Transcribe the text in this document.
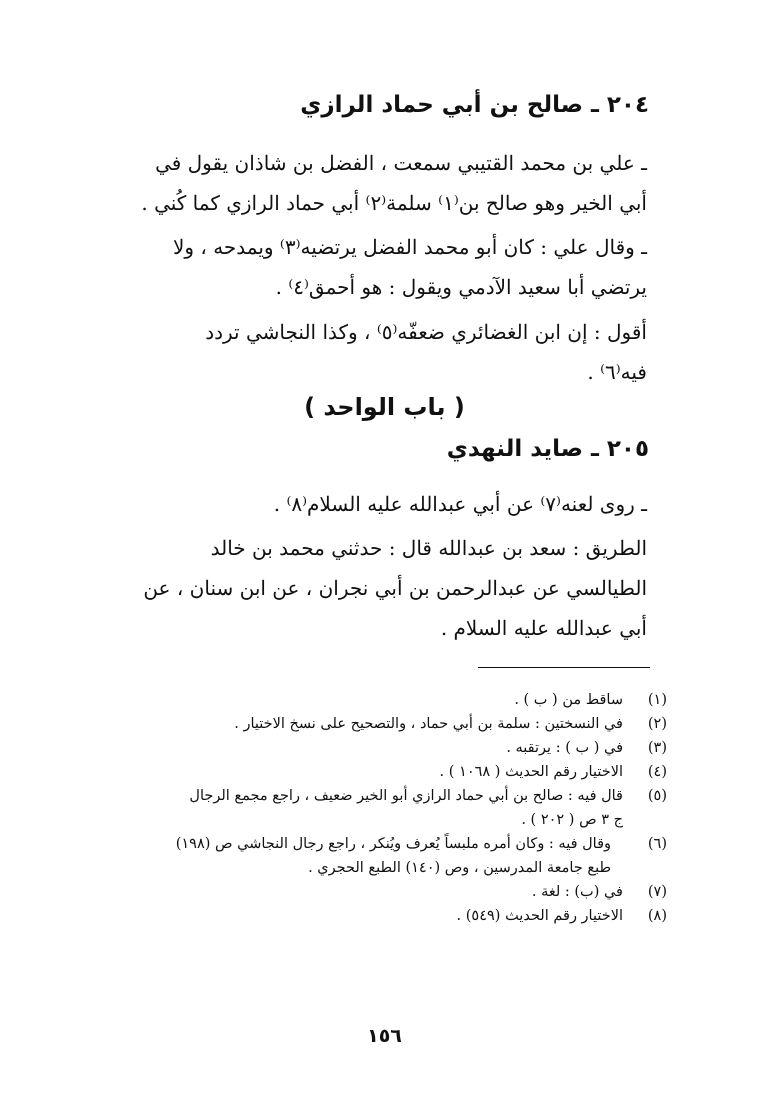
٢٠٤ ـ صالح بن أبي حماد الرازي
ـ علي بن محمد القتيبي سمعت ، الفضل بن شاذان يقول في
أبي الخير وهو صالح بن⁽١⁾ سلمة⁽٢⁾ أبي حماد الرازي كما كُني .
ـ وقال علي : كان أبو محمد الفضل يرتضيه⁽٣⁾ ويمدحه ، ولا
يرتضي أبا سعيد الآدمي ويقول : هو أحمق⁽٤⁾ .
أقول : إن ابن الغضائري ضعفّه⁽٥⁾ ، وكذا النجاشي تردد
فيه⁽٦⁾ .
( باب الواحد )
٢٠٥ ـ صايد النهدي
ـ روى لعنه⁽٧⁾ عن أبي عبدالله عليه السلام⁽٨⁾ .
الطريق : سعد بن عبدالله قال : حدثني محمد بن خالد
الطيالسي عن عبدالرحمن بن أبي نجران ، عن ابن سنان ، عن
أبي عبدالله عليه السلام .
(١)
ساقط من ( ب ) .
(٢)
في النسختين : سلمة بن أبي حماد ، والتصحيح على نسخ الاختيار .
(٣)
في ( ب ) : يرتقبه .
(٤)
الاختيار رقم الحديث ( ١٠٦٨ ) .
(٥)
قال فيه : صالح بن أبي حماد الرازي أبو الخير ضعيف ، راجع مجمع الرجال
ج ٣ ص ( ٢٠٢ ) .
(٦)
وقال فيه : وكان أمره ملبساً يُعرف ويُنكر ، راجع رجال النجاشي ص (١٩٨)
طبع جامعة المدرسين ، وص (١٤٠) الطبع الحجري .
(٧)
في (ب) : لغة .
(٨)
الاختيار رقم الحديث (٥٤٩) .
١٥٦
